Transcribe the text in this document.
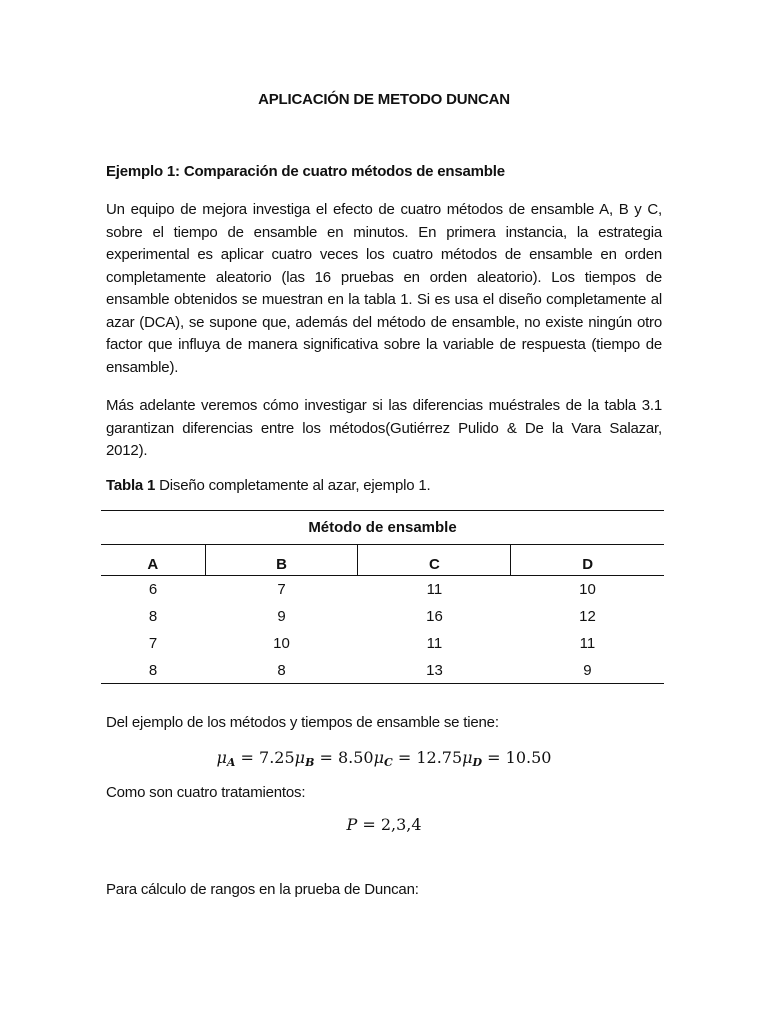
APLICACIÓN DE METODO DUNCAN
Ejemplo 1: Comparación de cuatro métodos de ensamble
Un equipo de mejora investiga el efecto de cuatro métodos de ensamble A, B y C, sobre el tiempo de ensamble en minutos. En primera instancia, la estrategia experimental es aplicar cuatro veces los cuatro métodos de ensamble en orden completamente aleatorio (las 16 pruebas en orden aleatorio). Los tiempos de ensamble obtenidos se muestran en la tabla 1. Si es usa el diseño completamente al azar (DCA), se supone que, además del método de ensamble, no existe ningún otro factor que influya de manera significativa sobre la variable de respuesta (tiempo de ensamble).
Más adelante veremos cómo investigar si las diferencias muéstrales de la tabla 3.1 garantizan diferencias entre los métodos(Gutiérrez Pulido & De la Vara Salazar, 2012).
Tabla 1 Diseño completamente al azar, ejemplo 1.
Método de ensamble			
A	B	C	D
6	7	11	10
8	9	16	12
7	10	11	11
8	8	13	9
Del ejemplo de los métodos y tiempos de ensamble se tiene:
$\mu_A = 7.25\mu_B = 8.50\mu_C = 12.75\mu_D = 10.50$
Como son cuatro tratamientos:
P = 2,3,4
Para cálculo de rangos en la prueba de Duncan:
